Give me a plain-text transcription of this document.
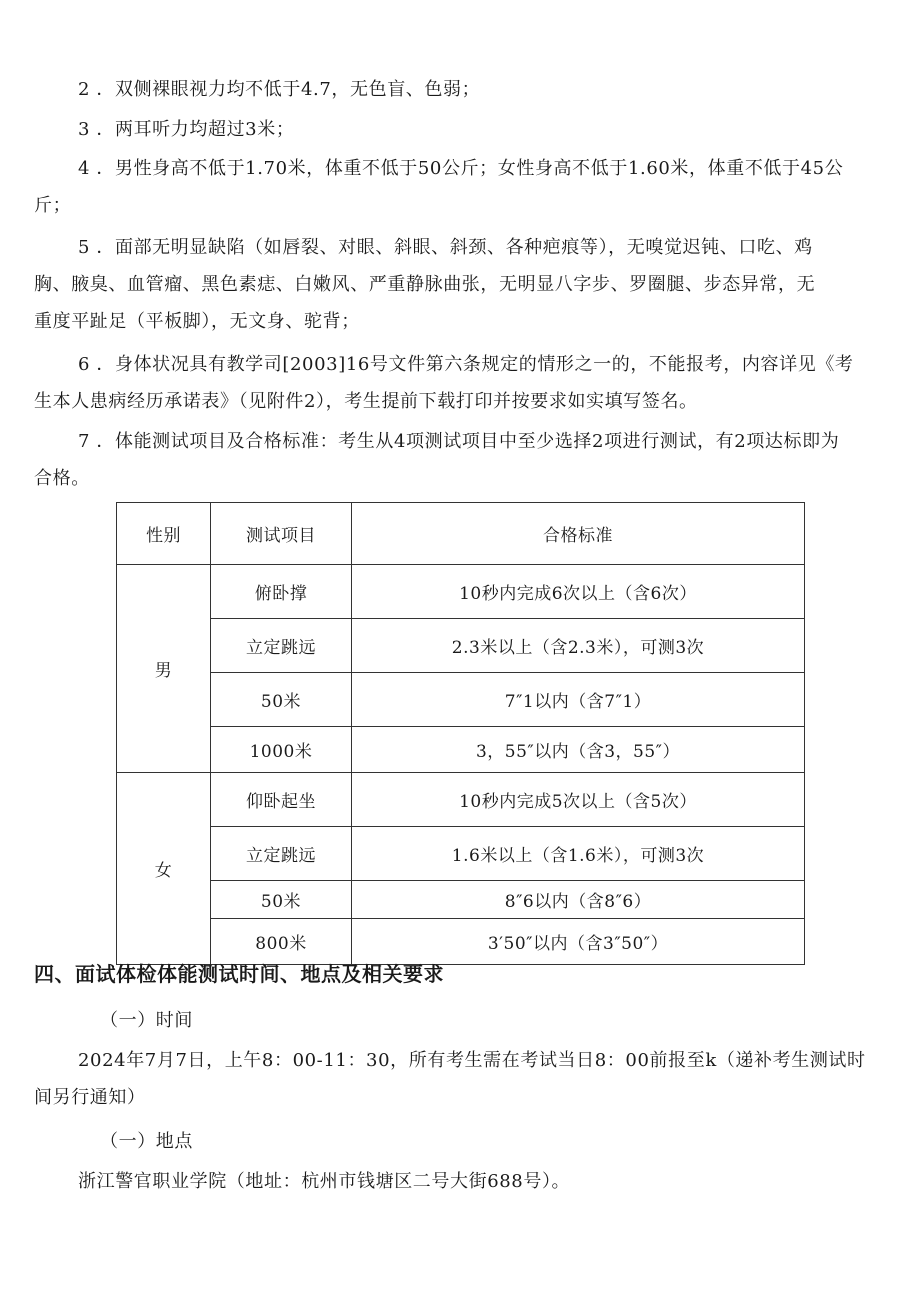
2 ．双侧裸眼视力均不低于4.7，无色盲、色弱；

3 ．两耳听力均超过3米；

4 ．男性身高不低于1.70米，体重不低于50公斤；女性身高不低于1.60米，体重不低于45公
斤；

5 ．面部无明显缺陷（如唇裂、对眼、斜眼、斜颈、各种疤痕等），无嗅觉迟钝、口吃、鸡
胸、腋臭、血管瘤、黑色素痣、白嫩风、严重静脉曲张，无明显八字步、罗圈腿、步态异常，无
重度平趾足（平板脚），无文身、驼背；

6 ．身体状况具有教学司[2003]16号文件第六条规定的情形之一的，不能报考，内容详见《考
生本人患病经历承诺表》（见附件2），考生提前下载打印并按要求如实填写签名。

7 ．体能测试项目及合格标准：考生从4项测试项目中至少选择2项进行测试，有2项达标即为
合格。

性别	测试项目	合格标准
男	俯卧撑	10秒内完成6次以上（含6次）
	立定跳远	2.3米以上（含2.3米），可测3次
	50米	7″1以内（含7″1）
	1000米	3，55″以内（含3，55″）
女	仰卧起坐	10秒内完成5次以上（含5次）
	立定跳远	1.6米以上（含1.6米），可测3次
	50米	8″6以内（含8″6）
	800米	3′50″以内（含3″50″）
四、面试体检体能测试时间、地点及相关要求

（一）时间

2024年7月7日，上午8：00-11：30，所有考生需在考试当日8：00前报至k（递补考生测试时
间另行通知）

（一）地点

浙江警官职业学院（地址：杭州市钱塘区二号大街688号）。
